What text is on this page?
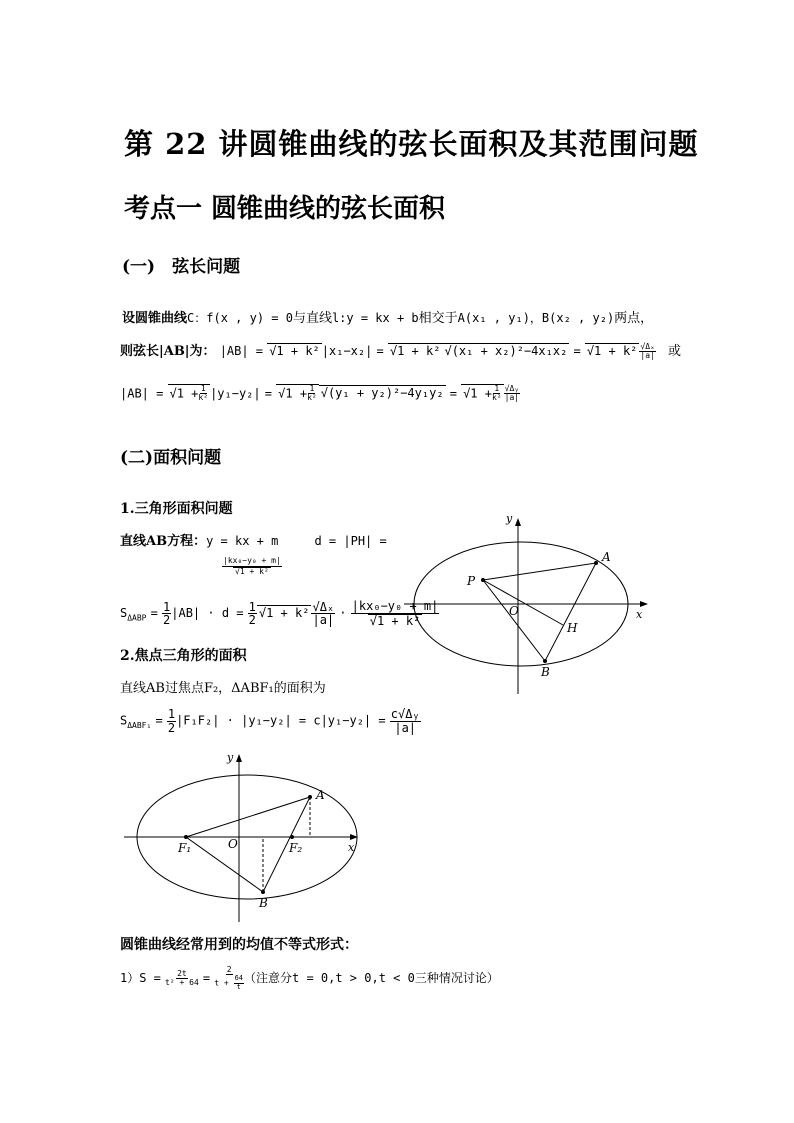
第 22 讲圆锥曲线的弦长面积及其范围问题
考点一 圆锥曲线的弦长面积
(一)　弦长问题
设圆锥曲线C：f(x , y) = 0与直线l:y = kx + b相交于A(x₁ , y₁)，B(x₂ , y₂)两点，
则弦长|AB|为： |AB| = √1 + k² |x₁−x₂| = √1 + k² $√(x_1 + x_2)^2-4x_1x_2 = √1 + k^2 \frac{\text{√Δₓ}}{|a|}$ 或
$|AB| = √1 + \frac{1}{\text{k²}} |y_1-y_2| = √1 + \frac{1}{\text{k²}} √(y_1 + y_2)^2-4y_1y_2 = √1 + \frac{1}{\text{k²}} \frac{\text{√Δᵧ}}{|a|}$
(二)面积问题
1.三角形面积问题
直线AB方程：y = kx + m	d = |PH| =
$\frac{\text{|kx₀−y₀ + m|}}{\text{√1 + k²}}$
$S_{\Delta ABP} = \frac{1}{2} |AB| \cdot d = \frac{1}{2} √1 + k^2 \frac{\text{√Δₓ}}{|a|} \cdot \frac{\text{|kx₀−y₀ + m|}}{\text{√1 + k²}}$
2.焦点三角形的面积
直线AB过焦点F₂，ΔABF₁的面积为
$S_{\Delta ABF_1} = \frac{1}{2} |F_1F_2| \cdot |y_1-y_2| = c|y_1-y_2| = \frac{\text{c√Δᵧ}}{|a|}$
y
x
A
P
O
H
B
y
x
A
F₁	O	F₂
B
圆锥曲线经常用到的均值不等式形式：
$1)S = \frac{2t}{\text{t² + 64}} = \frac{2}{t + \frac{64}{t}}$ （注意分t = 0,t > 0,t < 0三种情况讨论）
